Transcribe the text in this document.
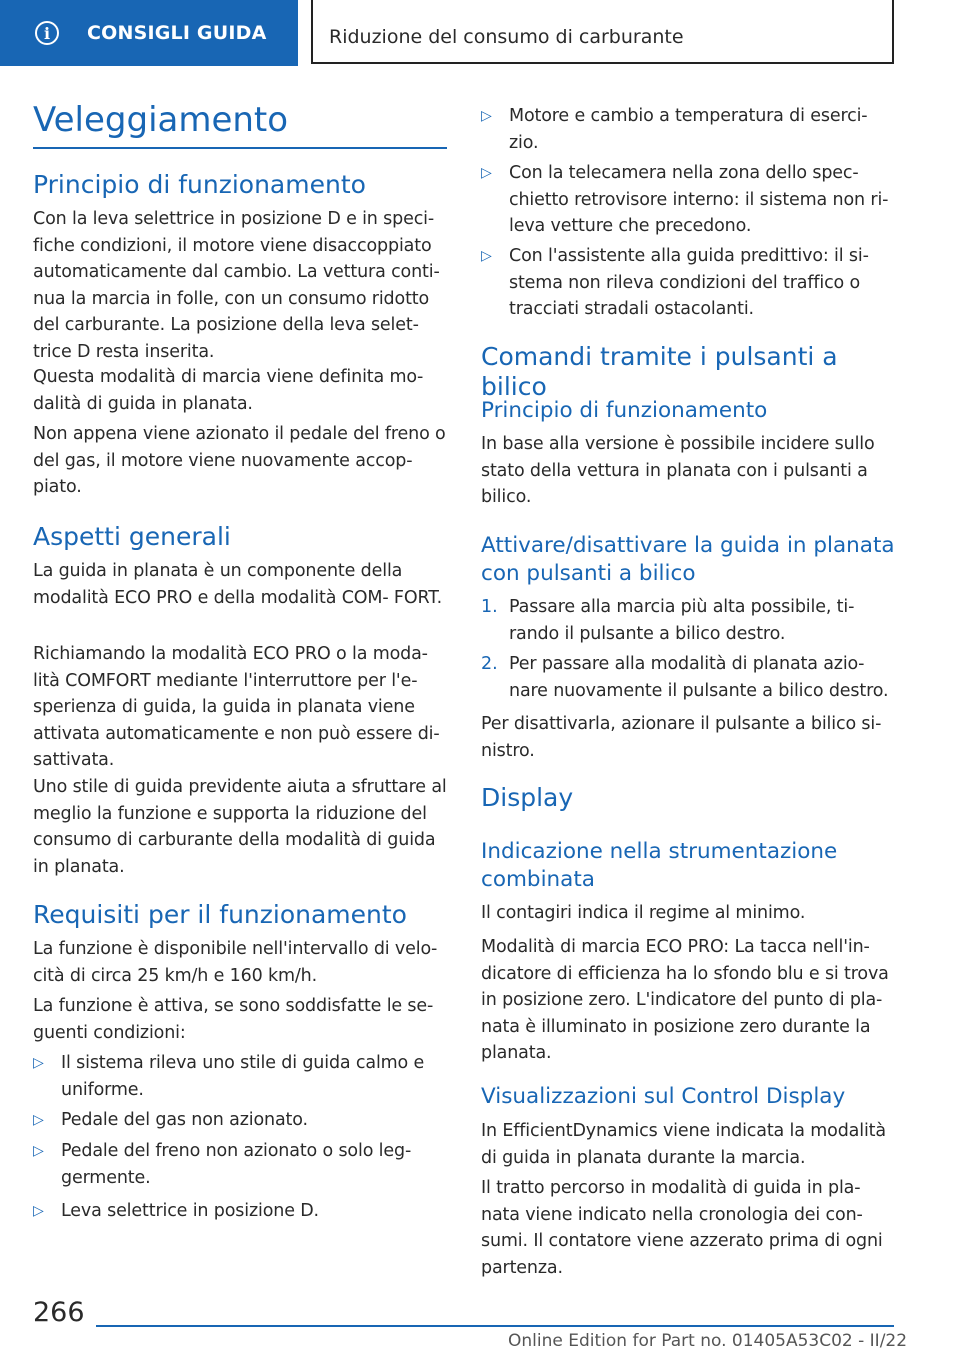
i	CONSIGLI GUIDA	Riduzione del consumo di carburante
Veleggiamento
Principio di funzionamento

Con la leva selettrice in posizione D e in speci‐ fiche condizioni, il motore viene disaccoppiato automaticamente dal cambio. La vettura conti‐ nua la marcia in folle, con un consumo ridotto del carburante. La posizione della leva selet‐ trice D resta inserita.

Questa modalità di marcia viene definita mo‐ dalità di guida in planata.

Non appena viene azionato il pedale del freno o del gas, il motore viene nuovamente accop‐ piato.

Aspetti generali

La guida in planata è un componente della modalità ECO PRO e della modalità COM‐ FORT.

Richiamando la modalità ECO PRO o la moda‐ lità COMFORT mediante l'interruttore per l'e‐ sperienza di guida, la guida in planata viene attivata automaticamente e non può essere di‐ sattivata.

Uno stile di guida previdente aiuta a sfruttare al meglio la funzione e supporta la riduzione del consumo di carburante della modalità di guida in planata.

Requisiti per il funzionamento

La funzione è disponibile nell'intervallo di velo‐ cità di circa 25 km/h e 160 km/h.

La funzione è attiva, se sono soddisfatte le se‐ guenti condizioni:

▷ Il sistema rileva uno stile di guida calmo e uniforme.

▷ Pedale del gas non azionato.

▷ Pedale del freno non azionato o solo leg‐ germente.

▷ Leva selettrice in posizione D.

▷ Motore e cambio a temperatura di eserci‐ zio.

▷ Con la telecamera nella zona dello spec‐ chietto retrovisore interno: il sistema non ri‐ leva vetture che precedono.

▷ Con l'assistente alla guida predittivo: il si‐ stema non rileva condizioni del traffico o tracciati stradali ostacolanti.

Comandi tramite i pulsanti a bilico
Principio di funzionamento

In base alla versione è possibile incidere sullo stato della vettura in planata con i pulsanti a bilico.

Attivare/disattivare la guida in planata con pulsanti a bilico
1. Passare alla marcia più alta possibile, ti‐ rando il pulsante a bilico destro.

2. Per passare alla modalità di planata azio‐ nare nuovamente il pulsante a bilico destro.

Per disattivarla, azionare il pulsante a bilico si‐ nistro.

Display
Indicazione nella strumentazione combinata

Il contagiri indica il regime al minimo.

Modalità di marcia ECO PRO: La tacca nell'in‐ dicatore di efficienza ha lo sfondo blu e si trova in posizione zero. L'indicatore del punto di pla‐ nata è illuminato in posizione zero durante la planata.

Visualizzazioni sul Control Display

In EfficientDynamics viene indicata la modalità di guida in planata durante la marcia.

Il tratto percorso in modalità di guida in pla‐ nata viene indicato nella cronologia dei con‐ sumi. Il contatore viene azzerato prima di ogni partenza.

266
Online Edition for Part no. 01405A53C02 - II/22
